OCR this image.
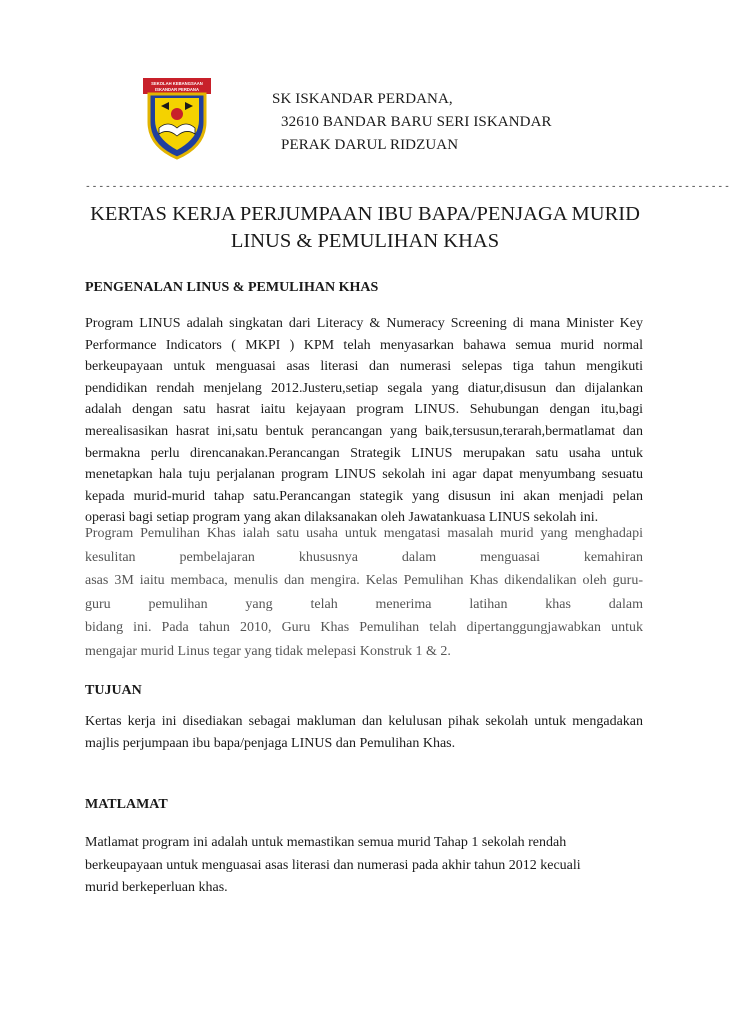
SEKOLAH KEBANGSAAN
ISKANDAR PERDANA
SK ISKANDAR PERDANA,
32610 BANDAR BARU SERI ISKANDAR
PERAK DARUL RIDZUAN
-------------------------------------------------------------------------------------------------
KERTAS KERJA PERJUMPAAN IBU BAPA/PENJAGA MURID
LINUS & PEMULIHAN KHAS
PENGENALAN LINUS & PEMULIHAN KHAS
Program LINUS adalah singkatan dari Literacy & Numeracy Screening di mana Minister Key
Performance Indicators ( MKPI ) KPM telah menyasarkan bahawa semua murid normal
berkeupayaan untuk menguasai asas literasi dan numerasi selepas tiga tahun mengikuti
pendidikan rendah menjelang 2012.Justeru,setiap segala yang diatur,disusun dan dijalankan
adalah dengan satu hasrat iaitu kejayaan program LINUS. Sehubungan dengan itu,bagi
merealisasikan hasrat ini,satu bentuk perancangan yang baik,tersusun,terarah,bermatlamat dan
bermakna perlu direncanakan.Perancangan Strategik LINUS merupakan satu usaha untuk
menetapkan hala tuju perjalanan program LINUS sekolah ini agar dapat menyumbang sesuatu
kepada murid-murid tahap satu.Perancangan stategik yang disusun ini akan menjadi pelan
operasi bagi setiap program yang akan dilaksanakan oleh Jawatankuasa LINUS sekolah ini.
Program Pemulihan Khas ialah satu usaha untuk mengatasi masalah murid yang menghadapi
kesulitan pembelajaran khususnya dalam menguasai kemahiran
asas 3M iaitu membaca, menulis dan mengira. Kelas Pemulihan Khas dikendalikan oleh guru-
guru pemulihan yang telah menerima latihan khas dalam
bidang ini. Pada tahun 2010, Guru Khas Pemulihan telah dipertanggungjawabkan untuk
mengajar murid Linus tegar yang tidak melepasi Konstruk 1 & 2.
TUJUAN
Kertas kerja ini disediakan sebagai makluman dan kelulusan pihak sekolah untuk mengadakan
majlis perjumpaan ibu bapa/penjaga LINUS dan Pemulihan Khas.
MATLAMAT
Matlamat program ini adalah untuk memastikan semua murid Tahap 1 sekolah rendah
berkeupayaan untuk menguasai asas literasi dan numerasi pada akhir tahun 2012 kecuali
murid berkeperluan khas.
